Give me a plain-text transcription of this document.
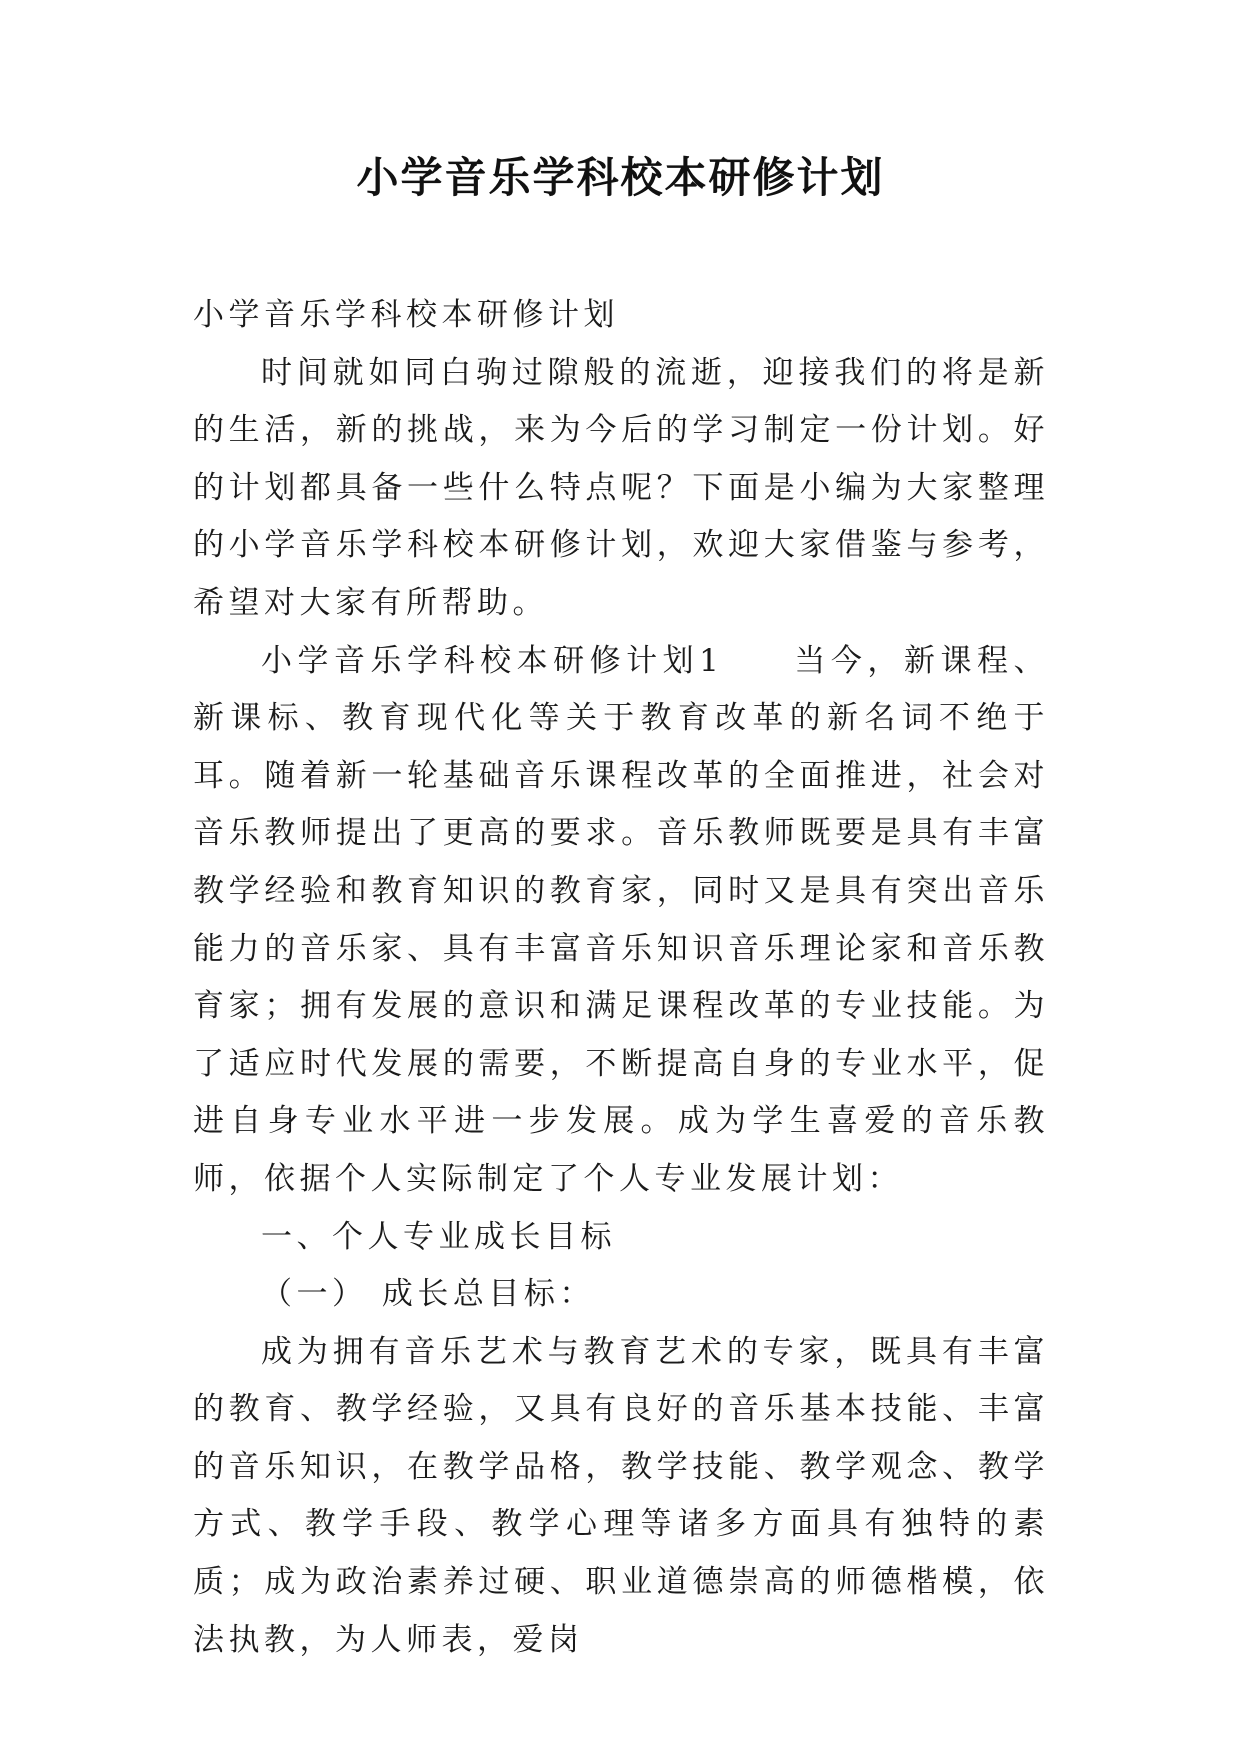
小学音乐学科校本研修计划

小学音乐学科校本研修计划

时间就如同白驹过隙般的流逝，迎接我们的将是新的生活，新的挑战，来为今后的学习制定一份计划。好的计划都具备一些什么特点呢？下面是小编为大家整理的小学音乐学科校本研修计划，欢迎大家借鉴与参考，希望对大家有所帮助。

小学音乐学科校本研修计划1 当今，新课程、新课标、教育现代化等关于教育改革的新名词不绝于耳。随着新一轮基础音乐课程改革的全面推进，社会对音乐教师提出了更高的要求。音乐教师既要是具有丰富教学经验和教育知识的教育家，同时又是具有突出音乐能力的音乐家、具有丰富音乐知识音乐理论家和音乐教育家；拥有发展的意识和满足课程改革的专业技能。为了适应时代发展的需要，不断提高自身的专业水平，促进自身专业水平进一步发展。成为学生喜爱的音乐教师，依据个人实际制定了个人专业发展计划：

一、个人专业成长目标

（一） 成长总目标：

成为拥有音乐艺术与教育艺术的专家，既具有丰富的教育、教学经验，又具有良好的音乐基本技能、丰富的音乐知识，在教学品格，教学技能、教学观念、教学方式、教学手段、教学心理等诸多方面具有独特的素质；成为政治素养过硬、职业道德崇高的师德楷模，依法执教，为人师表，爱岗
